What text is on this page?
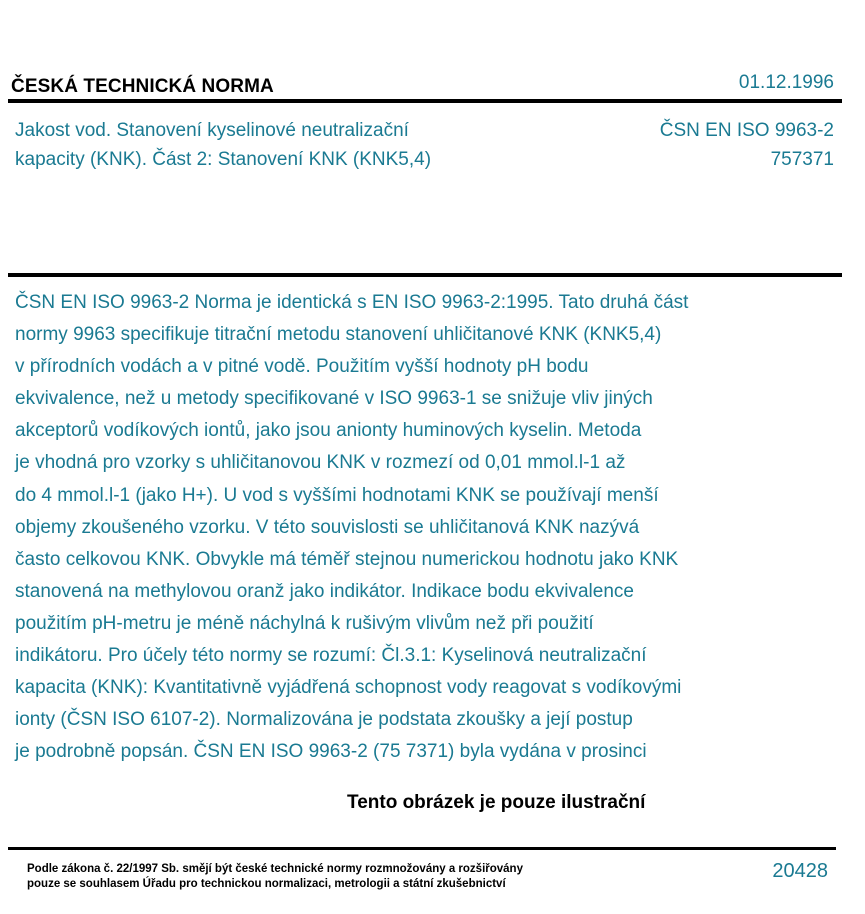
ČESKÁ TECHNICKÁ NORMA	01.12.1996
Jakost vod. Stanovení kyselinové neutralizační
kapacity (KNK). Část 2: Stanovení KNK (KNK5,4)
ČSN EN ISO 9963-2
757371
ČSN EN ISO 9963-2 Norma je identická s EN ISO 9963-2:1995. Tato druhá část
normy 9963 specifikuje titrační metodu stanovení uhličitanové KNK (KNK5,4)
v přírodních vodách a v pitné vodě. Použitím vyšší hodnoty pH bodu
ekvivalence, než u metody specifikované v ISO 9963-1 se snižuje vliv jiných
akceptorů vodíkových iontů, jako jsou anionty huminových kyselin. Metoda
je vhodná pro vzorky s uhličitanovou KNK v rozmezí od 0,01 mmol.l-1 až
do 4 mmol.l-1 (jako H+). U vod s vyššími hodnotami KNK se používají menší
objemy zkoušeného vzorku. V této souvislosti se uhličitanová KNK nazývá
často celkovou KNK. Obvykle má téměř stejnou numerickou hodnotu jako KNK
stanovená na methylovou oranž jako indikátor. Indikace bodu ekvivalence
použitím pH-metru je méně náchylná k rušivým vlivům než při použití
indikátoru. Pro účely této normy se rozumí: Čl.3.1: Kyselinová neutralizační
kapacita (KNK): Kvantitativně vyjádřená schopnost vody reagovat s vodíkovými
ionty (ČSN ISO 6107-2). Normalizována je podstata zkoušky a její postup
je podrobně popsán. ČSN EN ISO 9963-2 (75 7371) byla vydána v prosinci
Tento obrázek je pouze ilustrační
Podle zákona č. 22/1997 Sb. smějí být české technické normy rozmnožovány a rozšiřovány
pouze se souhlasem Úřadu pro technickou normalizaci, metrologii a státní zkušebnictví
20428
